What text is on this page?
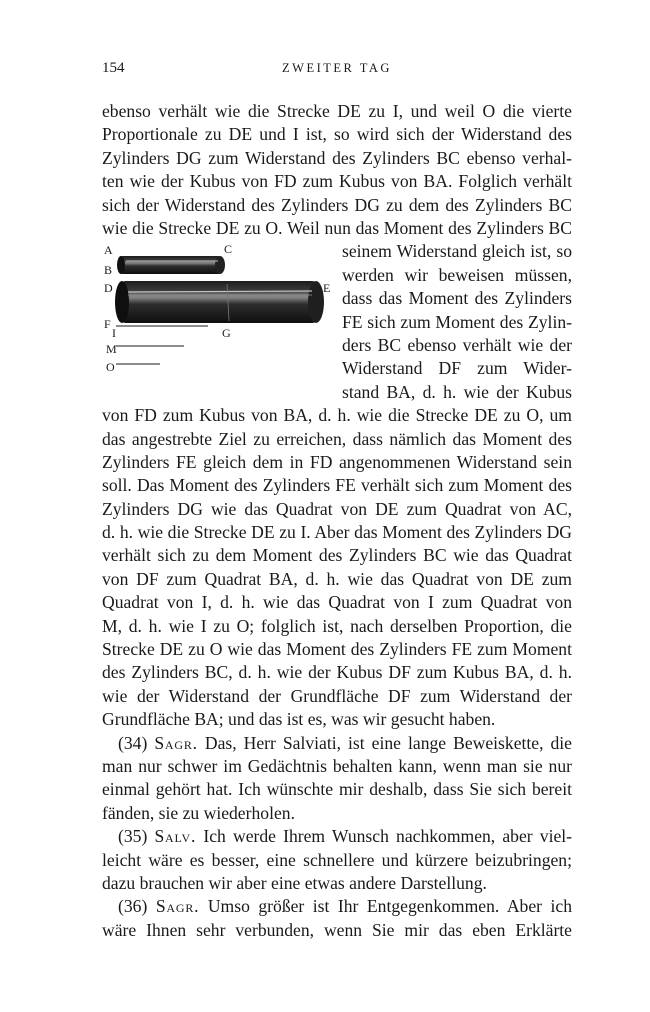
154	ZWEITER TAG
ebenso verhält wie die Strecke DE zu I, und weil O die vierte
Proportionale zu DE und I ist, so wird sich der Widerstand des
Zylinders DG zum Widerstand des Zylinders BC ebenso verhal-
ten wie der Kubus von FD zum Kubus von BA. Folglich verhält
sich der Widerstand des Zylinders DG zu dem des Zylinders BC
wie die Strecke DE zu O. Weil nun das Moment des Zylinders BC
A
B
C
D	E
F
G
I
M
O
seinem Widerstand gleich ist, so
werden wir beweisen müssen,
dass das Moment des Zylinders
FE sich zum Moment des Zylin-
ders BC ebenso verhält wie der
Widerstand DF zum Wider-
stand BA, d. h. wie der Kubus
von FD zum Kubus von BA, d. h. wie die Strecke DE zu O, um
das angestrebte Ziel zu erreichen, dass nämlich das Moment des
Zylinders FE gleich dem in FD angenommenen Widerstand sein
soll. Das Moment des Zylinders FE verhält sich zum Moment des
Zylinders DG wie das Quadrat von DE zum Quadrat von AC,
d. h. wie die Strecke DE zu I. Aber das Moment des Zylinders DG
verhält sich zu dem Moment des Zylinders BC wie das Quadrat
von DF zum Quadrat BA, d. h. wie das Quadrat von DE zum
Quadrat von I, d. h. wie das Quadrat von I zum Quadrat von
M, d. h. wie I zu O; folglich ist, nach derselben Proportion, die
Strecke DE zu O wie das Moment des Zylinders FE zum Moment
des Zylinders BC, d. h. wie der Kubus DF zum Kubus BA, d. h.
wie der Widerstand der Grundfläche DF zum Widerstand der
Grundfläche BA; und das ist es, was wir gesucht haben.
(34) Sagr. Das, Herr Salviati, ist eine lange Beweiskette, die
man nur schwer im Gedächtnis behalten kann, wenn man sie nur
einmal gehört hat. Ich wünschte mir deshalb, dass Sie sich bereit
fänden, sie zu wiederholen.
(35) Salv. Ich werde Ihrem Wunsch nachkommen, aber viel-
leicht wäre es besser, eine schnellere und kürzere beizubringen;
dazu brauchen wir aber eine etwas andere Darstellung.
(36) Sagr. Umso größer ist Ihr Entgegenkommen. Aber ich
wäre Ihnen sehr verbunden, wenn Sie mir das eben Erklärte
